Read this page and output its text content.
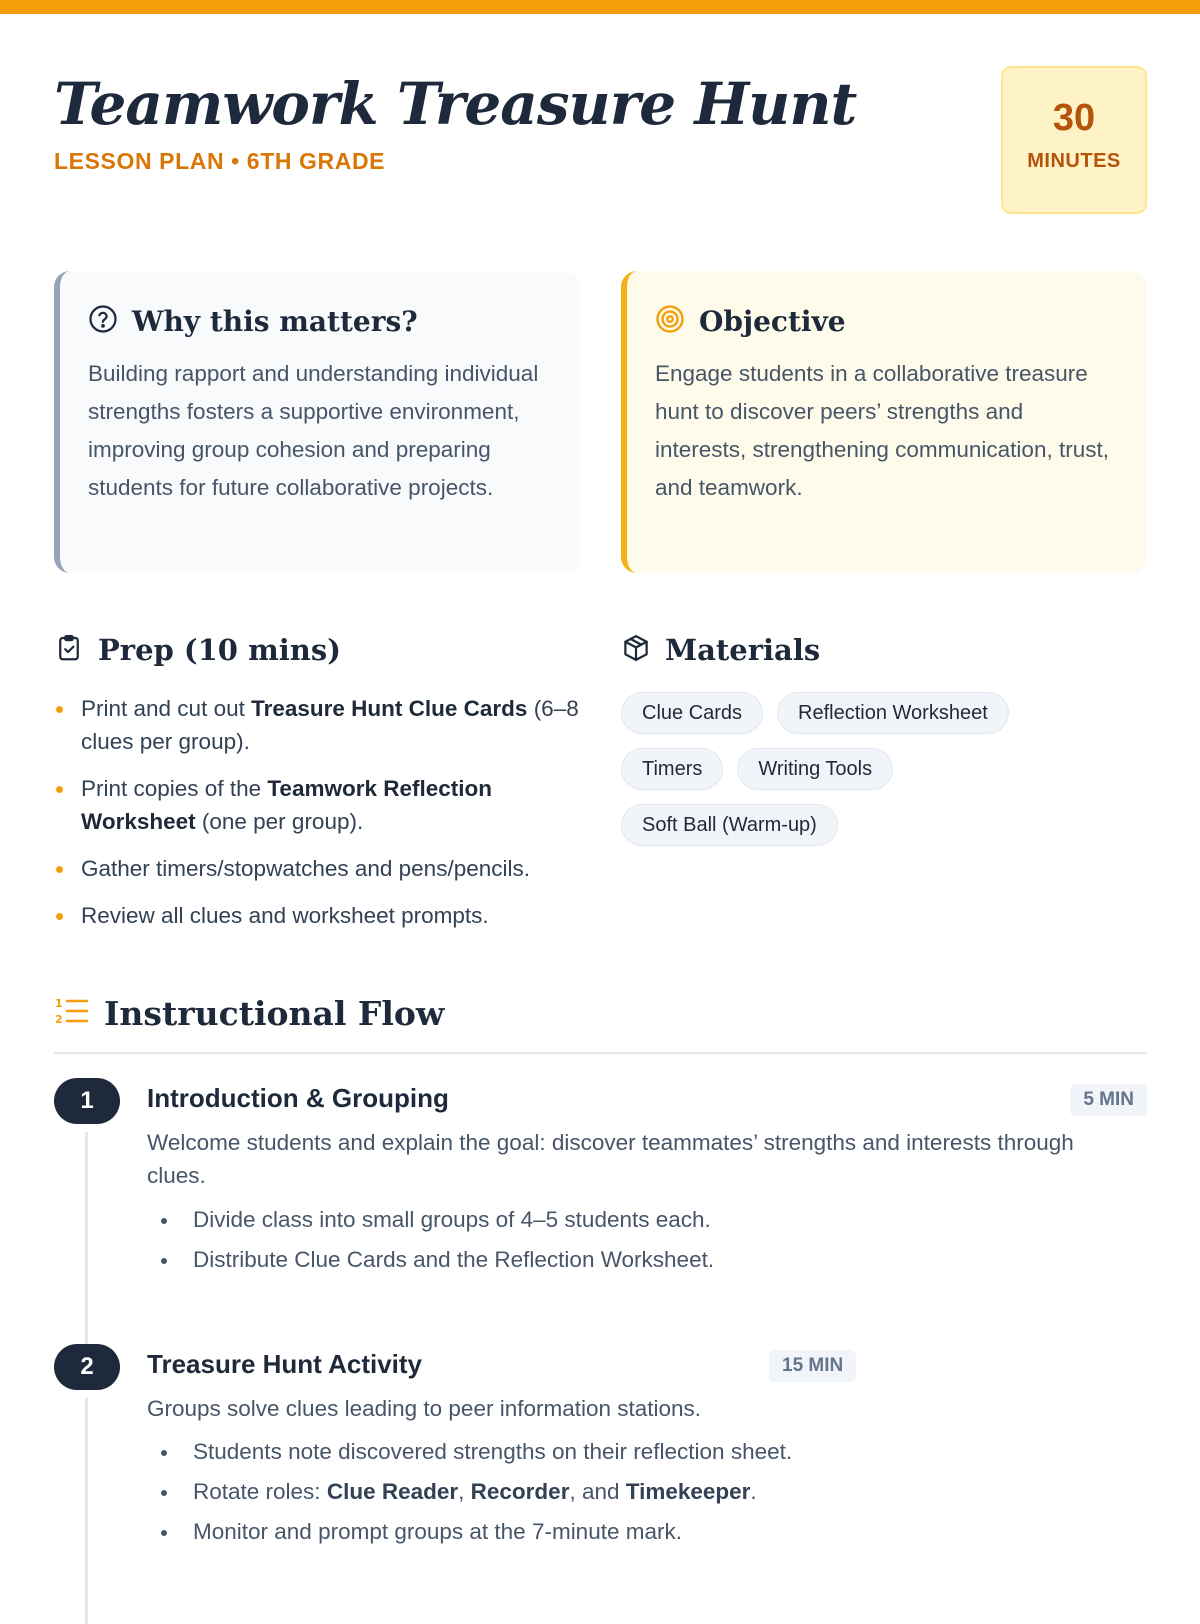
Teamwork Treasure Hunt
LESSON PLAN • 6TH GRADE
30
MINUTES
Why this matters?
Building rapport and understanding individual strengths fosters a supportive environment, improving group cohesion and preparing students for future collaborative projects.
Objective
Engage students in a collaborative treasure hunt to discover peers’ strengths and interests, strengthening communication, trust, and teamwork.
Prep (10 mins)
Print and cut out Treasure Hunt Clue Cards (6–8 clues per group).
Print copies of the Teamwork Reflection Worksheet (one per group).
Gather timers/stopwatches and pens/pencils.
Review all clues and worksheet prompts.
Materials
Clue Cards	Reflection Worksheet
Timers	Writing Tools
Soft Ball (Warm-up)
1
2 Instructional Flow
1	Introduction & Grouping	5 MIN
Welcome students and explain the goal: discover teammates’ strengths and interests through clues.
Divide class into small groups of 4–5 students each.
Distribute Clue Cards and the Reflection Worksheet.
2	Treasure Hunt Activity	15 MIN
Groups solve clues leading to peer information stations.
Students note discovered strengths on their reflection sheet.
Rotate roles: Clue Reader, Recorder, and Timekeeper.
Monitor and prompt groups at the 7-minute mark.
